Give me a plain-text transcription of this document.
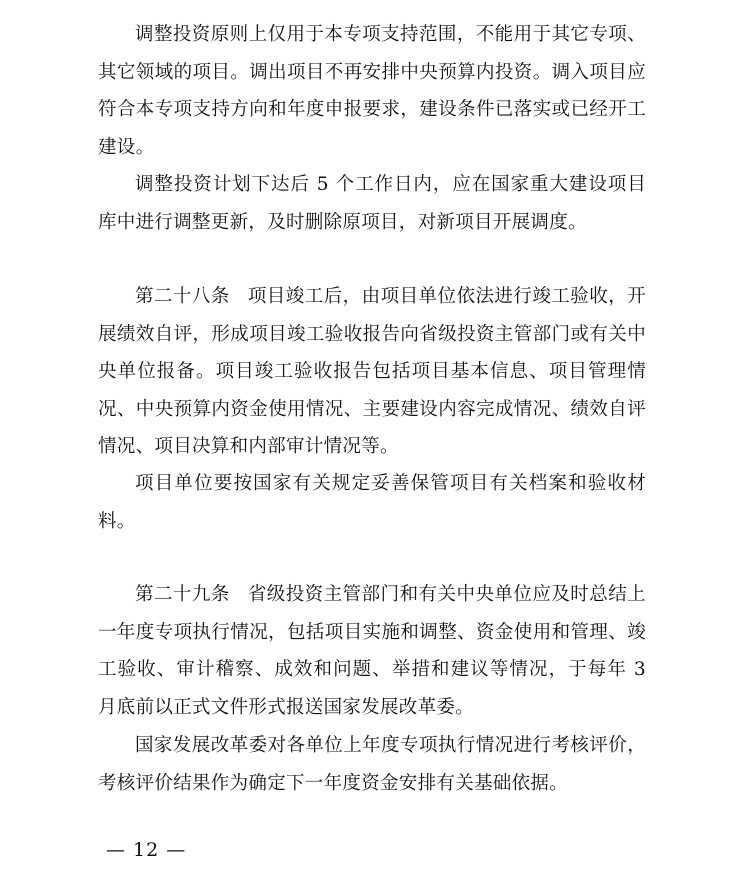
调整投资原则上仅用于本专项支持范围，不能用于其它专项、其它领域的项目。调出项目不再安排中央预算内投资。调入项目应符合本专项支持方向和年度申报要求，建设条件已落实或已经开工建设。

调整投资计划下达后 5 个工作日内，应在国家重大建设项目库中进行调整更新，及时删除原项目，对新项目开展调度。

第二十八条 项目竣工后，由项目单位依法进行竣工验收，开展绩效自评，形成项目竣工验收报告向省级投资主管部门或有关中央单位报备。项目竣工验收报告包括项目基本信息、项目管理情况、中央预算内资金使用情况、主要建设内容完成情况、绩效自评情况、项目决算和内部审计情况等。

项目单位要按国家有关规定妥善保管项目有关档案和验收材料。

第二十九条 省级投资主管部门和有关中央单位应及时总结上一年度专项执行情况，包括项目实施和调整、资金使用和管理、竣工验收、审计稽察、成效和问题、举措和建议等情况，于每年 3 月底前以正式文件形式报送国家发展改革委。

国家发展改革委对各单位上年度专项执行情况进行考核评价，考核评价结果作为确定下一年度资金安排有关基础依据。

— 12 —
